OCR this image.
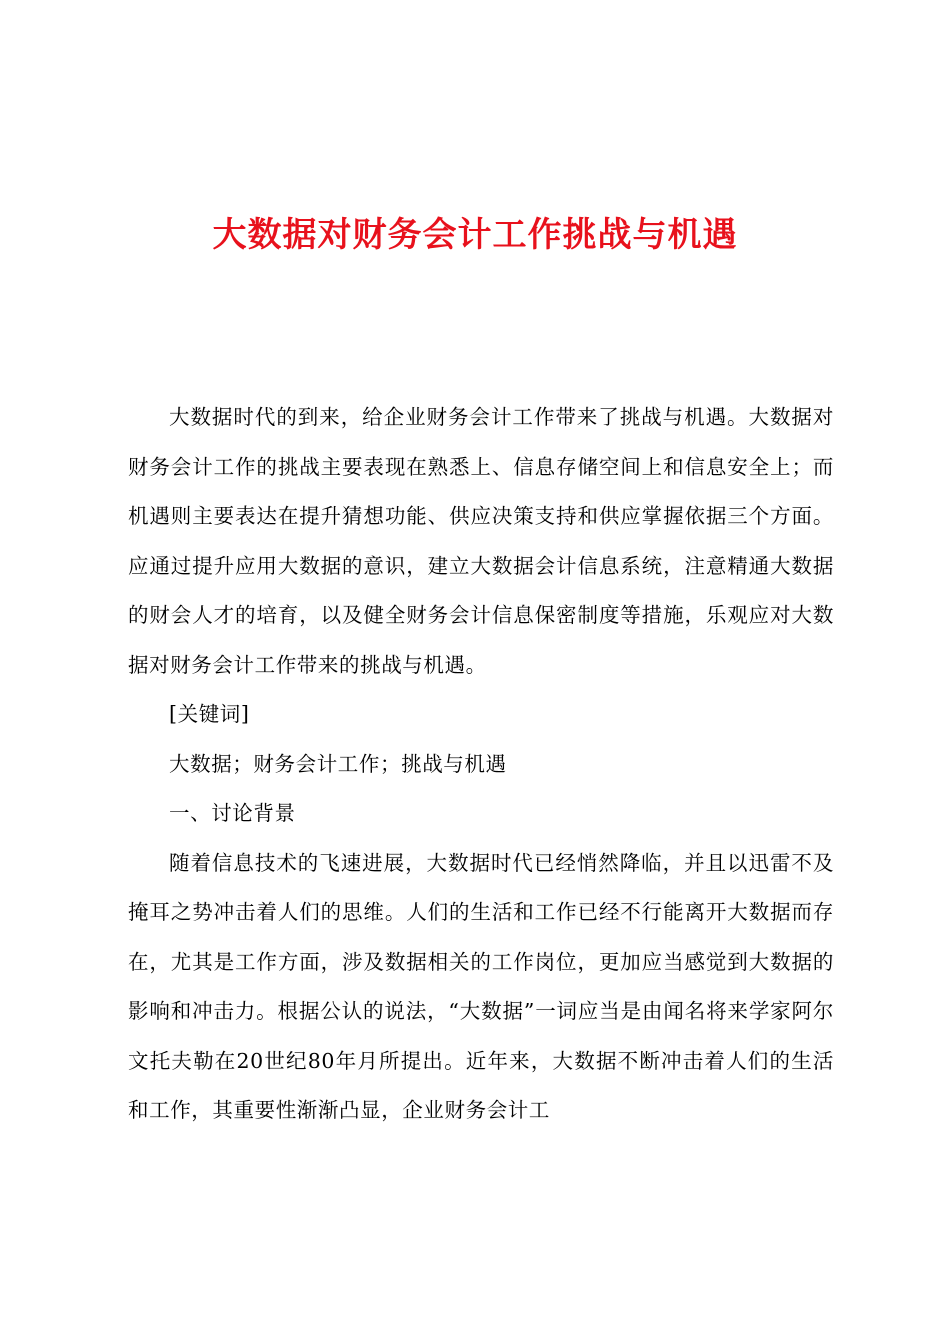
大数据对财务会计工作挑战与机遇

大数据时代的到来，给企业财务会计工作带来了挑战与机遇。大数据对财务会计工作的挑战主要表现在熟悉上、信息存储空间上和信息安全上；而机遇则主要表达在提升猜想功能、供应决策支持和供应掌握依据三个方面。应通过提升应用大数据的意识，建立大数据会计信息系统，注意精通大数据的财会人才的培育，以及健全财务会计信息保密制度等措施，乐观应对大数据对财务会计工作带来的挑战与机遇。

[关键词]

大数据；财务会计工作；挑战与机遇

一、讨论背景

随着信息技术的飞速进展，大数据时代已经悄然降临，并且以迅雷不及掩耳之势冲击着人们的思维。人们的生活和工作已经不行能离开大数据而存在，尤其是工作方面，涉及数据相关的工作岗位，更加应当感觉到大数据的影响和冲击力。根据公认的说法，“大数据”一词应当是由闻名将来学家阿尔文托夫勒在20世纪80年月所提出。近年来，大数据不断冲击着人们的生活和工作，其重要性渐渐凸显，企业财务会计工
